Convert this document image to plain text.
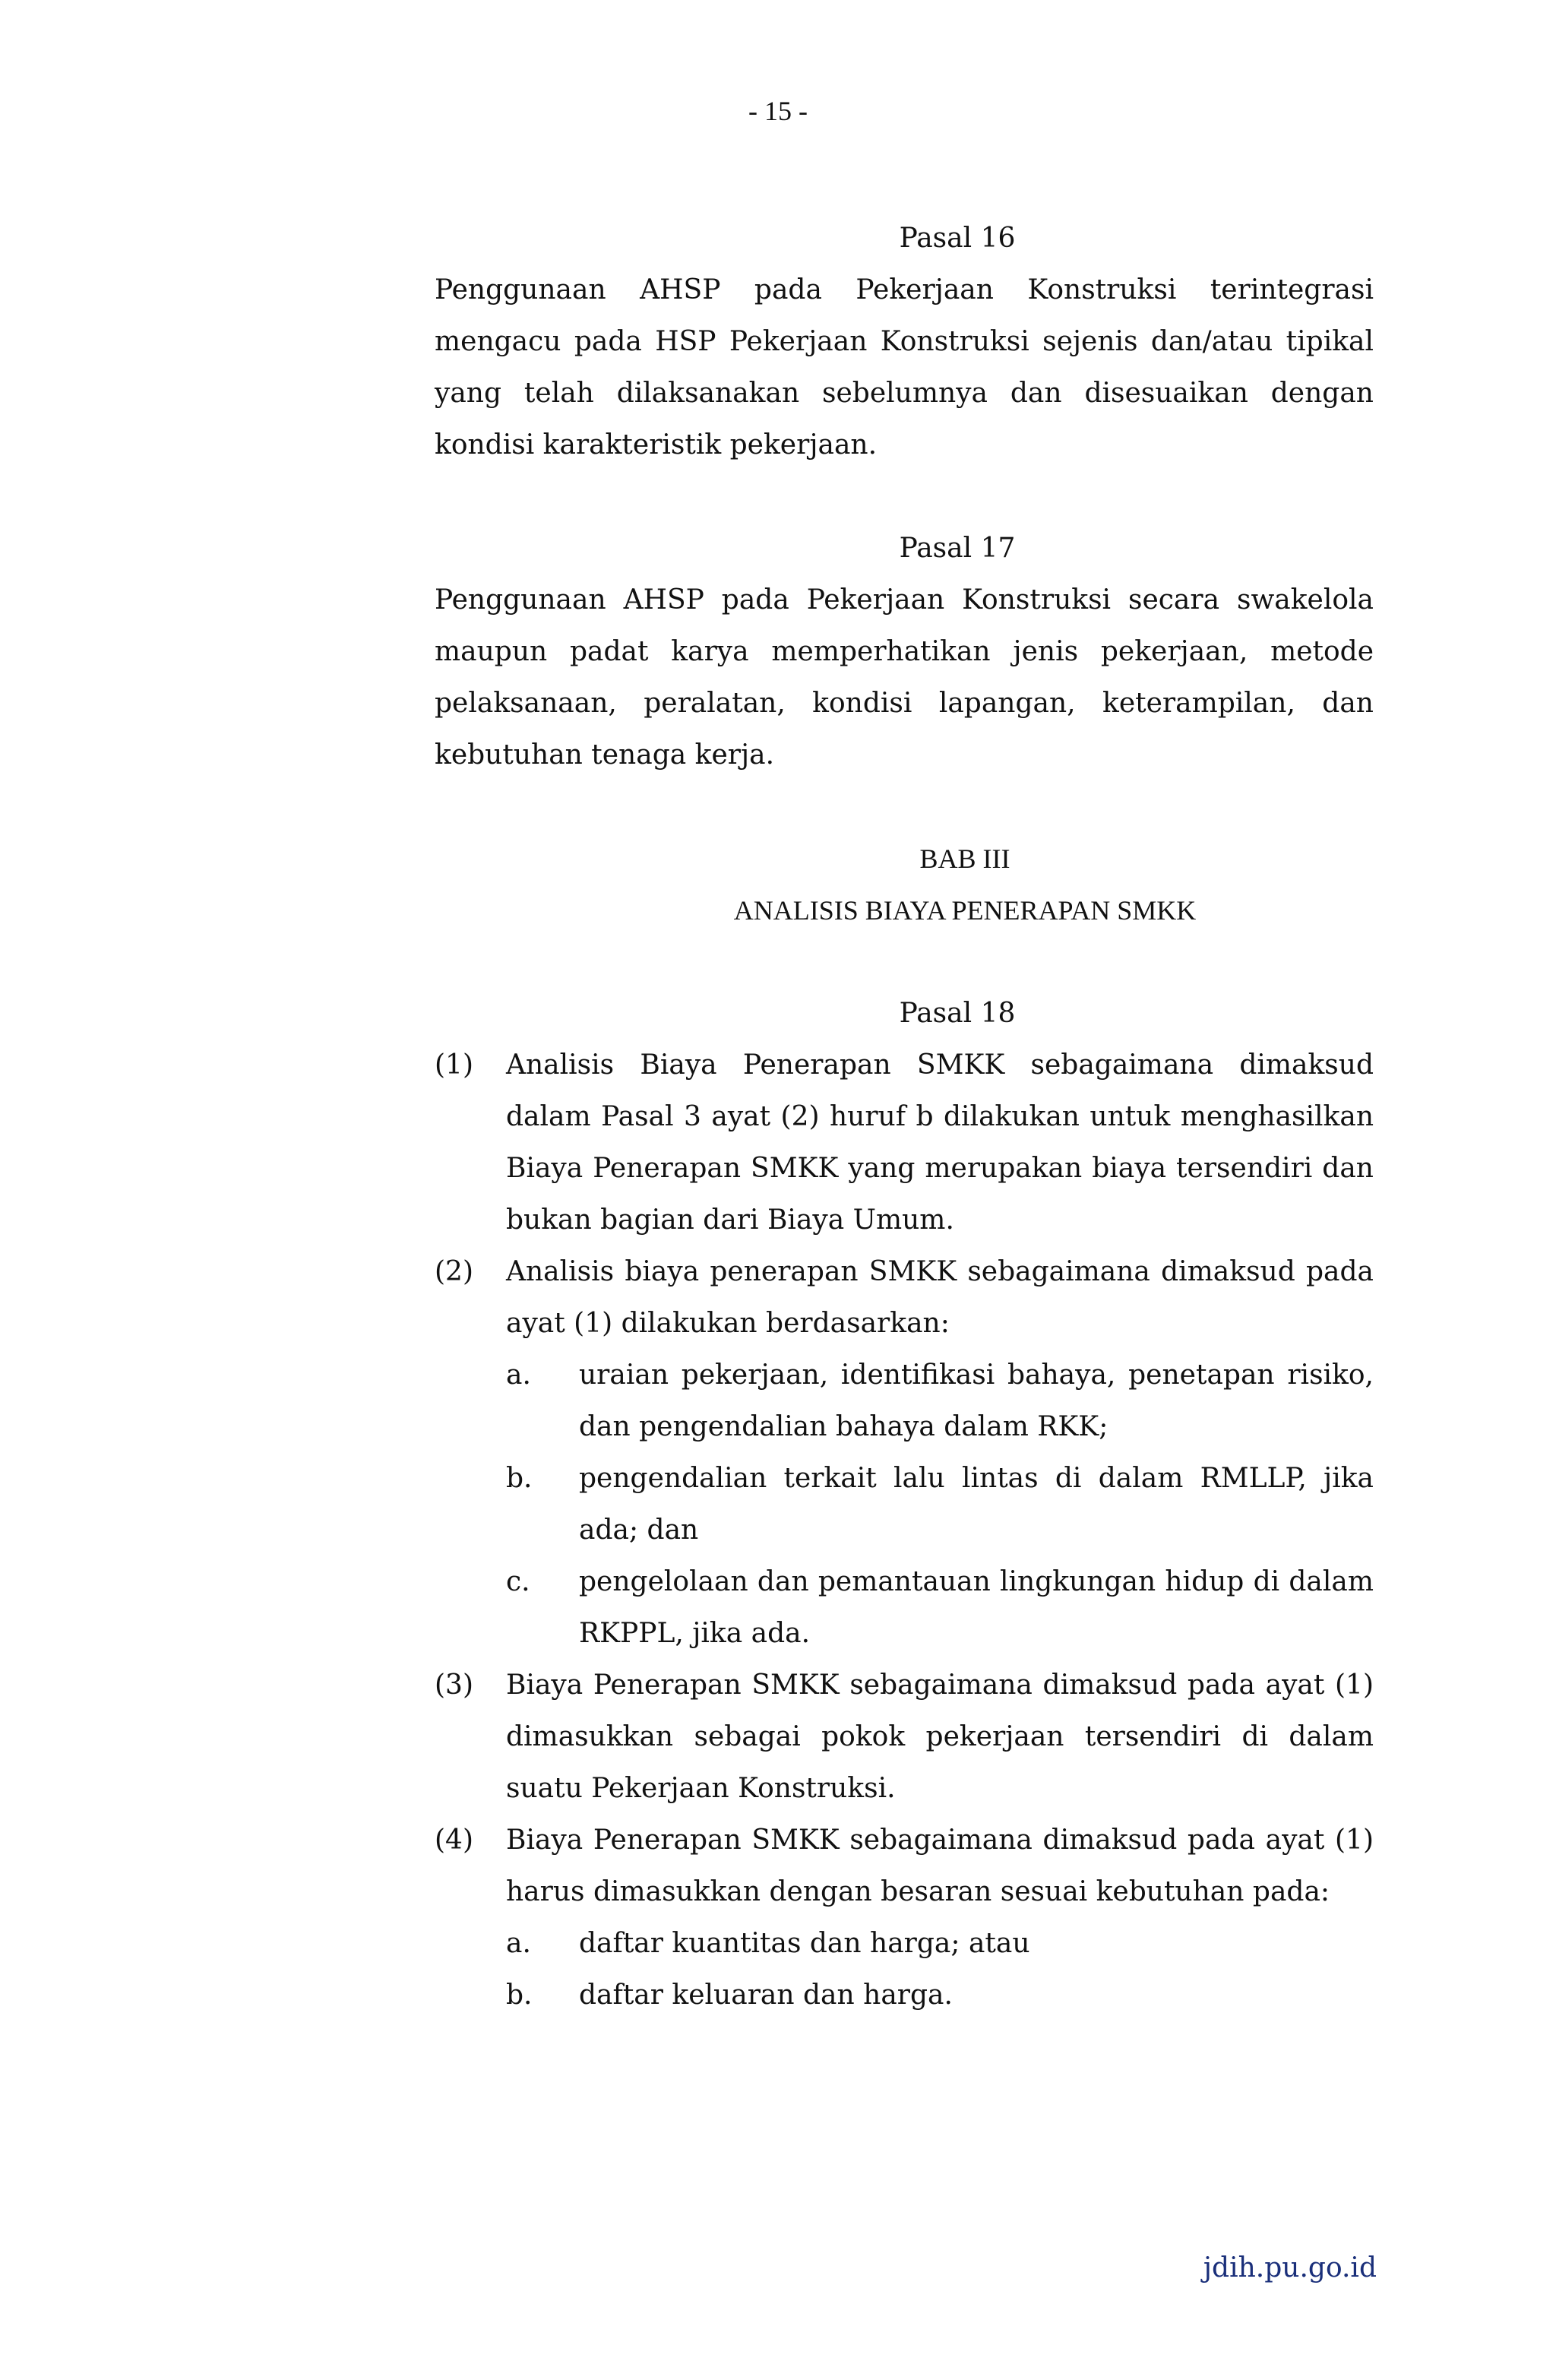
- 15 -

Pasal 16

Penggunaan AHSP pada Pekerjaan Konstruksi terintegrasi mengacu pada HSP Pekerjaan Konstruksi sejenis dan/atau tipikal yang telah dilaksanakan sebelumnya dan disesuaikan dengan kondisi karakteristik pekerjaan.

Pasal 17

Penggunaan AHSP pada Pekerjaan Konstruksi secara swakelola maupun padat karya memperhatikan jenis pekerjaan, metode pelaksanaan, peralatan, kondisi lapangan, keterampilan, dan kebutuhan tenaga kerja.

BAB III

ANALISIS BIAYA PENERAPAN SMKK

Pasal 18

(1) Analisis Biaya Penerapan SMKK sebagaimana dimaksud dalam Pasal 3 ayat (2) huruf b dilakukan untuk menghasilkan Biaya Penerapan SMKK yang merupakan biaya tersendiri dan bukan bagian dari Biaya Umum.
(2) Analisis biaya penerapan SMKK sebagaimana dimaksud pada ayat (1) dilakukan berdasarkan:
a. uraian pekerjaan, identifikasi bahaya, penetapan risiko, dan pengendalian bahaya dalam RKK;
b. pengendalian terkait lalu lintas di dalam RMLLP, jika ada; dan
c. pengelolaan dan pemantauan lingkungan hidup di dalam RKPPL, jika ada.
(3) Biaya Penerapan SMKK sebagaimana dimaksud pada ayat (1) dimasukkan sebagai pokok pekerjaan tersendiri di dalam suatu Pekerjaan Konstruksi.
(4) Biaya Penerapan SMKK sebagaimana dimaksud pada ayat (1) harus dimasukkan dengan besaran sesuai kebutuhan pada:
a. daftar kuantitas dan harga; atau
b. daftar keluaran dan harga.
jdih.pu.go.id
